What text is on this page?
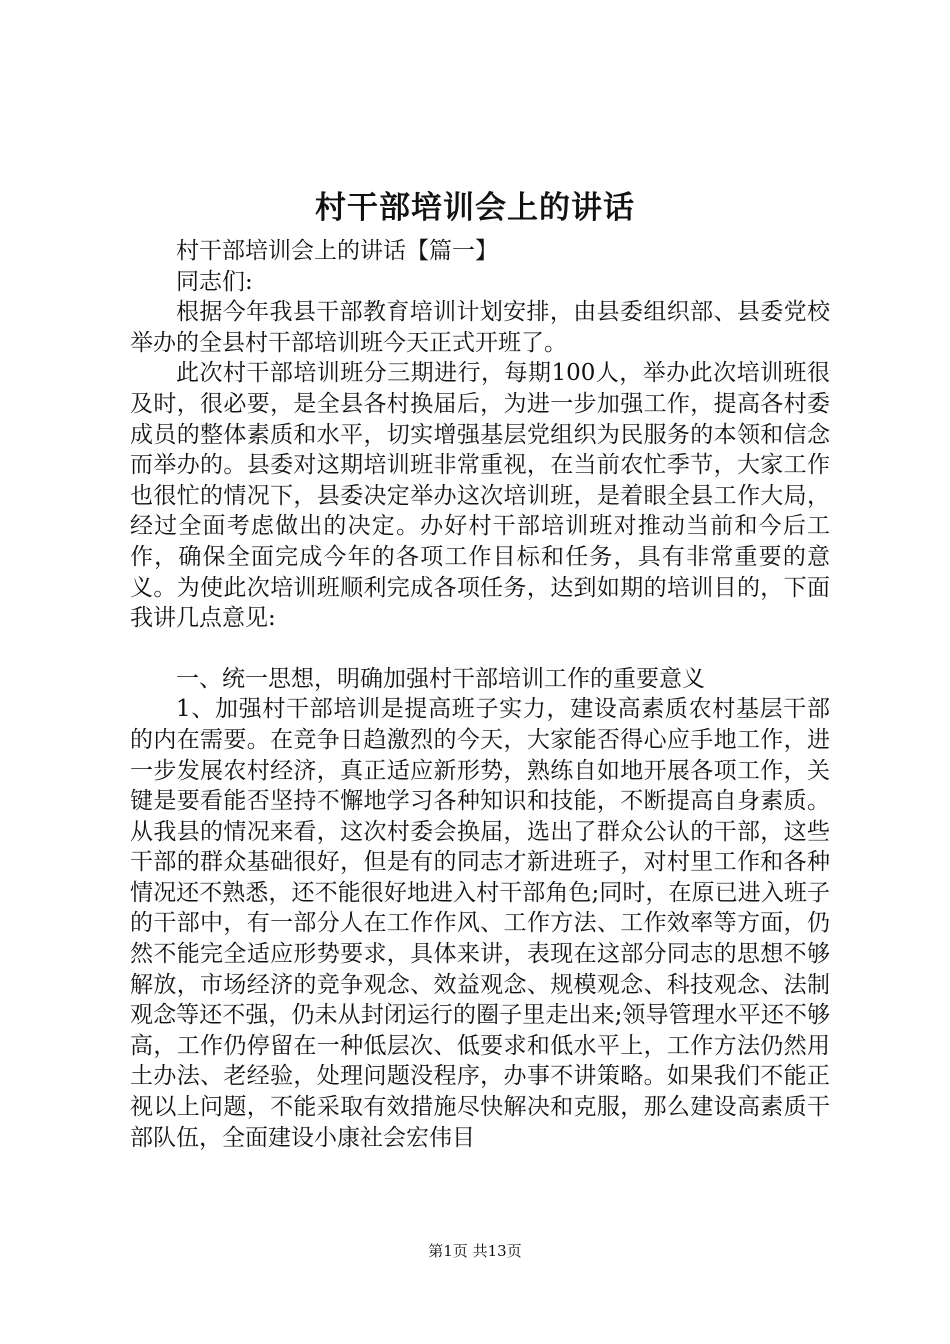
村干部培训会上的讲话

村干部培训会上的讲话【篇一】

同志们:

根据今年我县干部教育培训计划安排，由县委组织部、县委党校举办的全县村干部培训班今天正式开班了。

此次村干部培训班分三期进行，每期100人，举办此次培训班很及时，很必要，是全县各村换届后，为进一步加强工作，提高各村委成员的整体素质和水平，切实增强基层党组织为民服务的本领和信念而举办的。县委对这期培训班非常重视，在当前农忙季节，大家工作也很忙的情况下，县委决定举办这次培训班，是着眼全县工作大局，经过全面考虑做出的决定。办好村干部培训班对推动当前和今后工作，确保全面完成今年的各项工作目标和任务，具有非常重要的意义。为使此次培训班顺利完成各项任务，达到如期的培训目的，下面我讲几点意见:

一、统一思想，明确加强村干部培训工作的重要意义

1、加强村干部培训是提高班子实力，建设高素质农村基层干部的内在需要。在竞争日趋激烈的今天，大家能否得心应手地工作，进一步发展农村经济，真正适应新形势，熟练自如地开展各项工作，关键是要看能否坚持不懈地学习各种知识和技能，不断提高自身素质。从我县的情况来看，这次村委会换届，选出了群众公认的干部，这些干部的群众基础很好，但是有的同志才新进班子，对村里工作和各种情况还不熟悉，还不能很好地进入村干部角色;同时，在原已进入班子的干部中，有一部分人在工作作风、工作方法、工作效率等方面，仍然不能完全适应形势要求，具体来讲，表现在这部分同志的思想不够解放，市场经济的竞争观念、效益观念、规模观念、科技观念、法制观念等还不强，仍未从封闭运行的圈子里走出来;领导管理水平还不够高，工作仍停留在一种低层次、低要求和低水平上，工作方法仍然用土办法、老经验，处理问题没程序，办事不讲策略。如果我们不能正视以上问题，不能采取有效措施尽快解决和克服，那么建设高素质干部队伍，全面建设小康社会宏伟目

第1页 共13页
